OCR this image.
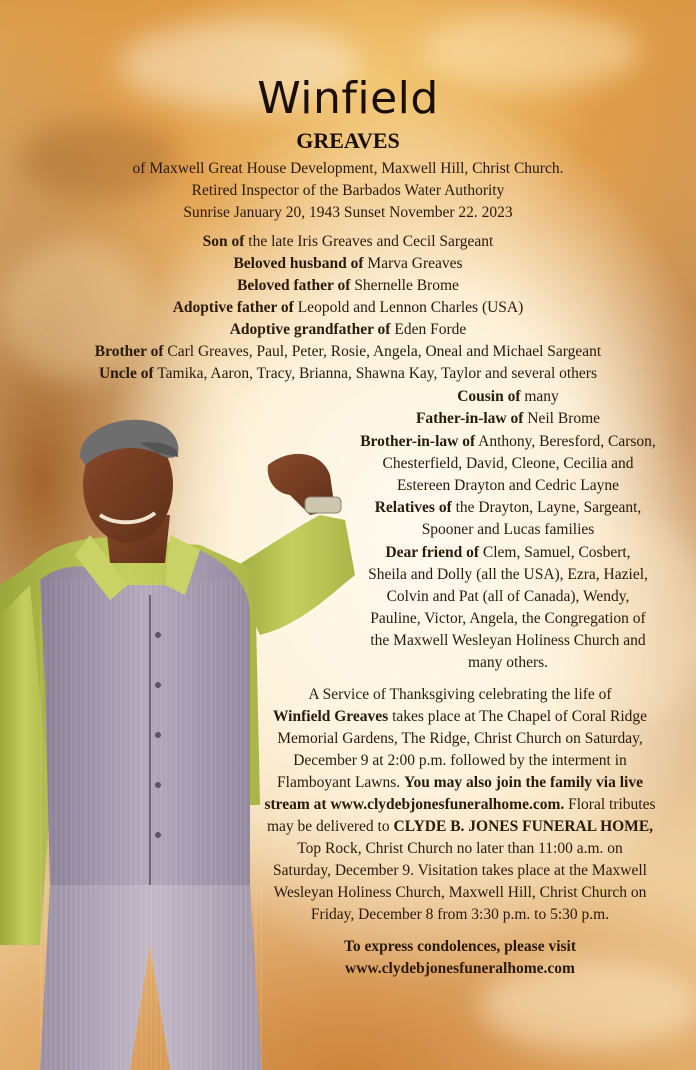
Winfield
GREAVES
of Maxwell Great House Development, Maxwell Hill, Christ Church.
Retired Inspector of the Barbados Water Authority
Sunrise January 20, 1943 Sunset November 22. 2023
Son of the late Iris Greaves and Cecil Sargeant
Beloved husband of Marva Greaves
Beloved father of Shernelle Brome
Adoptive father of Leopold and Lennon Charles (USA)
Adoptive grandfather of Eden Forde
Brother of Carl Greaves, Paul, Peter, Rosie, Angela, Oneal and Michael Sargeant
Uncle of Tamika, Aaron, Tracy, Brianna, Shawna Kay, Taylor and several others
Cousin of many
Father-in-law of Neil Brome
Brother-in-law of Anthony, Beresford, Carson,
Chesterfield, David, Cleone, Cecilia and
Estereen Drayton and Cedric Layne
Relatives of the Drayton, Layne, Sargeant,
Spooner and Lucas families
Dear friend of Clem, Samuel, Cosbert,
Sheila and Dolly (all the USA), Ezra, Haziel,
Colvin and Pat (all of Canada), Wendy,
Pauline, Victor, Angela, the Congregation of
the Maxwell Wesleyan Holiness Church and
many others.
A Service of Thanksgiving celebrating the life of
Winfield Greaves takes place at The Chapel of Coral Ridge
Memorial Gardens, The Ridge, Christ Church on Saturday,
December 9 at 2:00 p.m. followed by the interment in
Flamboyant Lawns. You may also join the family via live
stream at www.clydebjonesfuneralhome.com. Floral tributes
may be delivered to CLYDE B. JONES FUNERAL HOME,
Top Rock, Christ Church no later than 11:00 a.m. on
Saturday, December 9. Visitation takes place at the Maxwell
Wesleyan Holiness Church, Maxwell Hill, Christ Church on
Friday, December 8 from 3:30 p.m. to 5:30 p.m.
To express condolences, please visit
www.clydebjonesfuneralhome.com
